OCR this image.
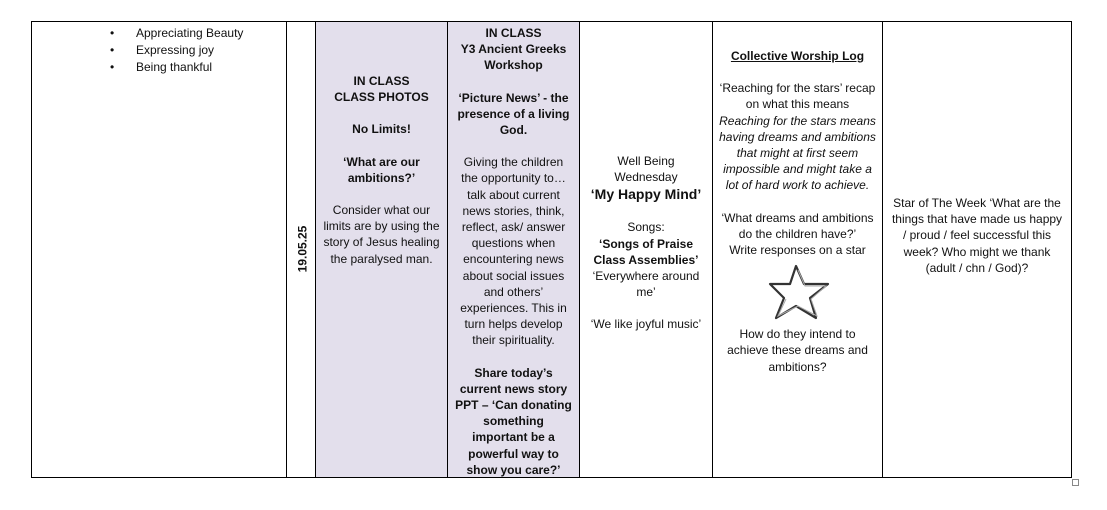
• Appreciating Beauty
• Expressing joy
• Being thankful
19.05.25

IN CLASS

CLASS PHOTOS

No Limits!

‘What are our ambitions?’

Consider what our limits are by using the story of Jesus healing the paralysed man.

IN CLASS

Y3 Ancient Greeks Workshop

‘Picture News’ - the presence of a living God.

Giving the children the opportunity to… talk about current news stories, think, reflect, ask/ answer questions when encountering news about social issues and others’ experiences. This in turn helps develop their spirituality.

Share today’s current news story PPT – ‘Can donating something important be a powerful way to show you care?’

Well Being Wednesday

‘My Happy Mind’

Songs:

‘Songs of Praise Class Assemblies’

‘Everywhere around me’

‘We like joyful music’

Collective Worship Log

‘Reaching for the stars’ recap on what this means

Reaching for the stars means having dreams and ambitions that might at first seem impossible and might take a lot of hard work to achieve.

‘What dreams and ambitions do the children have?’

Write responses on a star

How do they intend to achieve these dreams and ambitions?

Star of The Week ‘What are the things that have made us happy / proud / feel successful this week? Who might we thank (adult / chn / God)?
